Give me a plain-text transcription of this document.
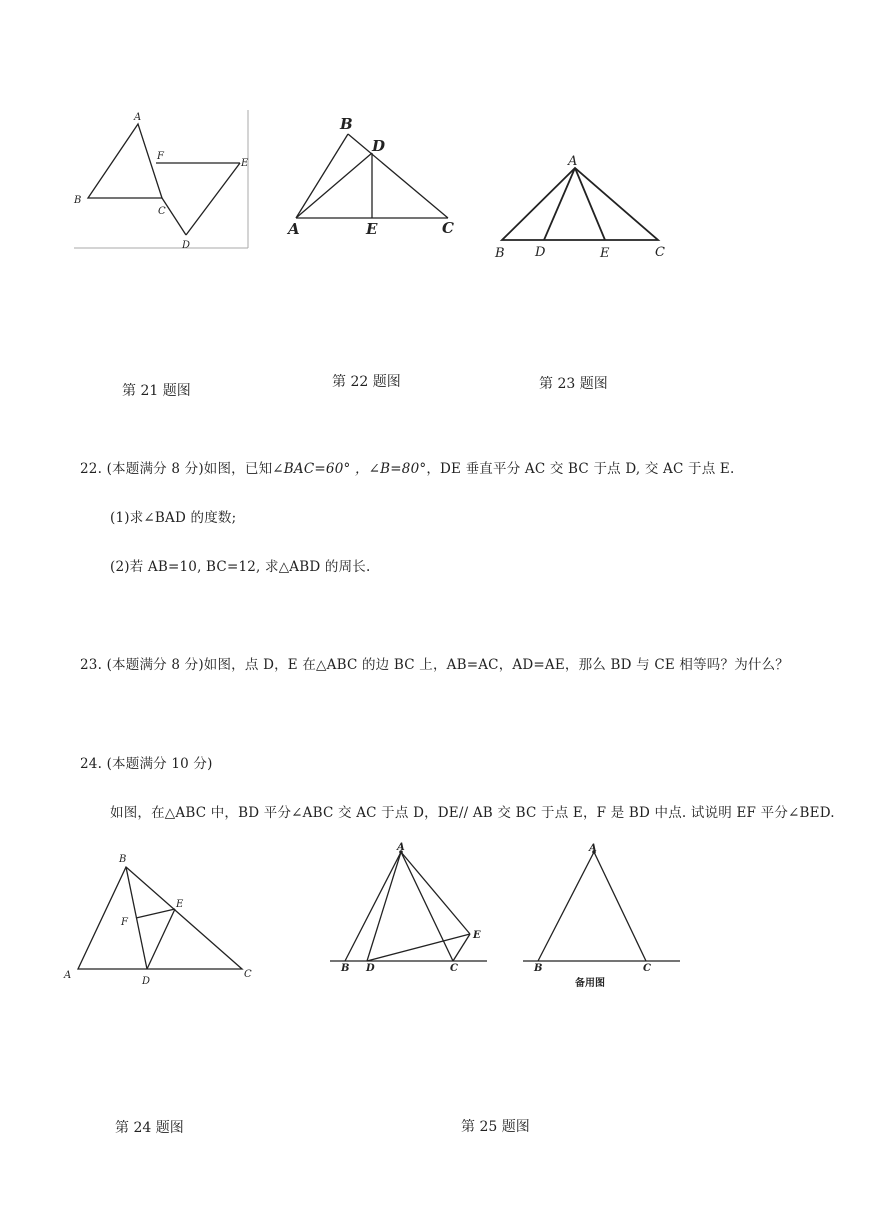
A
F
E
B
C
D
B
D
A	E	C
A
B D	E	C
第 21 题图
第 22 题图	第 23 题图
22. (本题满分 8 分)如图，已知∠BAC=60° ，∠B=80°，DE 垂直平分 AC 交 BC 于点 D, 交 AC 于点 E.
(1)求∠BAD 的度数;
(2)若 AB=10, BC=12, 求△ABD 的周长.
23. (本题满分 8 分)如图，点 D，E 在△ABC 的边 BC 上，AB=AC，AD=AE，那么 BD 与 CE 相等吗？为什么？
24. (本题满分 10 分)
如图，在△ABC 中，BD 平分∠ABC 交 AC 于点 D，DE// AB 交 BC 于点 E，F 是 BD 中点. 试说明 EF 平分∠BED.
B
E
F
A
D
C
A
E
B D	C
A
B	C
备用图
第 24 题图	第 25 题图
